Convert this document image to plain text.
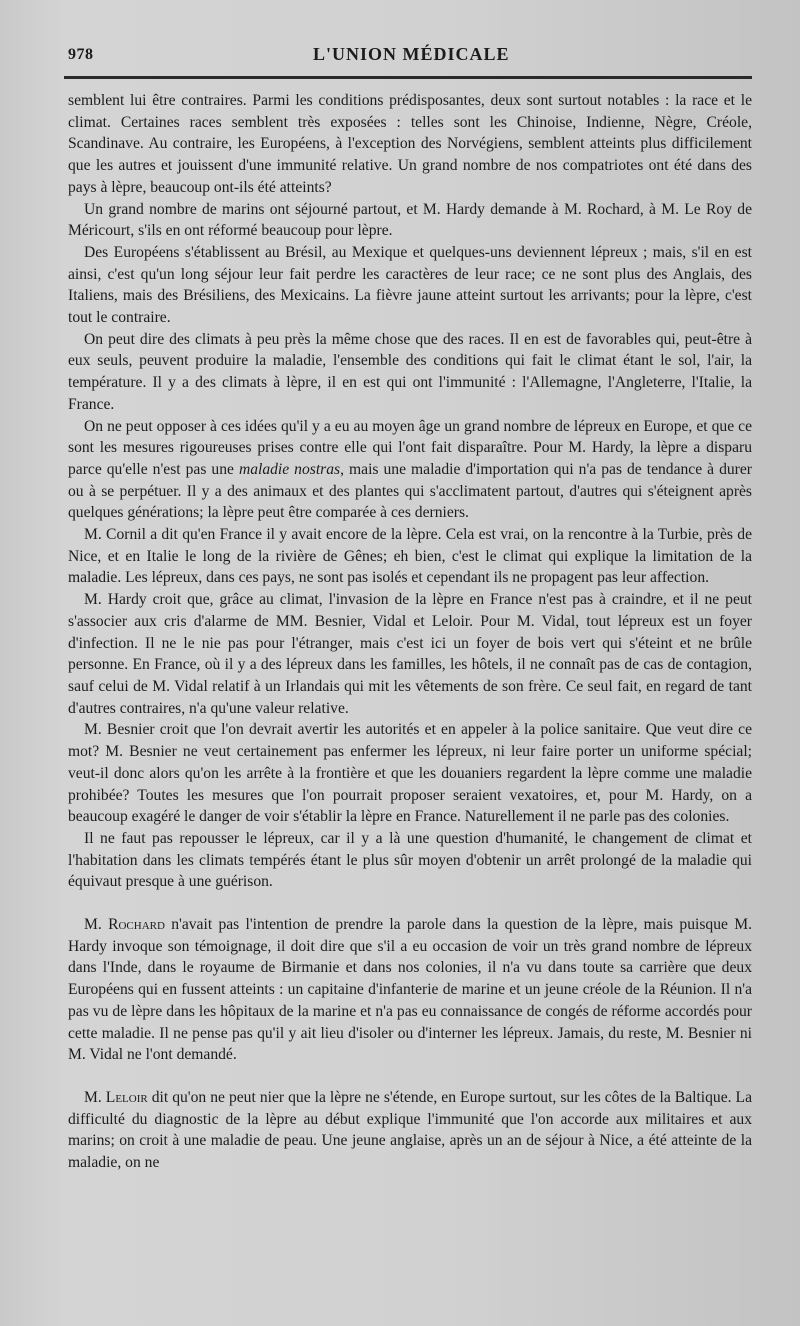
978	L'UNION MÉDICALE

semblent lui être contraires. Parmi les conditions prédisposantes, deux sont surtout notables : la race et le climat. Certaines races semblent très exposées : telles sont les Chinoise, Indienne, Nègre, Créole, Scandinave. Au contraire, les Européens, à l'exception des Norvégiens, semblent atteints plus difficilement que les autres et jouissent d'une immunité relative. Un grand nombre de nos compatriotes ont été dans des pays à lèpre, beaucoup ont-ils été atteints?

Un grand nombre de marins ont séjourné partout, et M. Hardy demande à M. Rochard, à M. Le Roy de Méricourt, s'ils en ont réformé beaucoup pour lèpre.

Des Européens s'établissent au Brésil, au Mexique et quelques-uns deviennent lépreux ; mais, s'il en est ainsi, c'est qu'un long séjour leur fait perdre les caractères de leur race; ce ne sont plus des Anglais, des Italiens, mais des Brésiliens, des Mexicains. La fièvre jaune atteint surtout les arrivants; pour la lèpre, c'est tout le contraire.

On peut dire des climats à peu près la même chose que des races. Il en est de favorables qui, peut-être à eux seuls, peuvent produire la maladie, l'ensemble des conditions qui fait le climat étant le sol, l'air, la température. Il y a des climats à lèpre, il en est qui ont l'immunité : l'Allemagne, l'Angleterre, l'Italie, la France.

On ne peut opposer à ces idées qu'il y a eu au moyen âge un grand nombre de lépreux en Europe, et que ce sont les mesures rigoureuses prises contre elle qui l'ont fait disparaître. Pour M. Hardy, la lèpre a disparu parce qu'elle n'est pas une maladie nostras, mais une maladie d'importation qui n'a pas de tendance à durer ou à se perpétuer. Il y a des animaux et des plantes qui s'acclimatent partout, d'autres qui s'éteignent après quelques générations; la lèpre peut être comparée à ces derniers.

M. Cornil a dit qu'en France il y avait encore de la lèpre. Cela est vrai, on la rencontre à la Turbie, près de Nice, et en Italie le long de la rivière de Gênes; eh bien, c'est le climat qui explique la limitation de la maladie. Les lépreux, dans ces pays, ne sont pas isolés et cependant ils ne propagent pas leur affection.

M. Hardy croit que, grâce au climat, l'invasion de la lèpre en France n'est pas à craindre, et il ne peut s'associer aux cris d'alarme de MM. Besnier, Vidal et Leloir. Pour M. Vidal, tout lépreux est un foyer d'infection. Il ne le nie pas pour l'étranger, mais c'est ici un foyer de bois vert qui s'éteint et ne brûle personne. En France, où il y a des lépreux dans les familles, les hôtels, il ne connaît pas de cas de contagion, sauf celui de M. Vidal relatif à un Irlandais qui mit les vêtements de son frère. Ce seul fait, en regard de tant d'autres contraires, n'a qu'une valeur relative.

M. Besnier croit que l'on devrait avertir les autorités et en appeler à la police sanitaire. Que veut dire ce mot? M. Besnier ne veut certainement pas enfermer les lépreux, ni leur faire porter un uniforme spécial; veut-il donc alors qu'on les arrête à la frontière et que les douaniers regardent la lèpre comme une maladie prohibée? Toutes les mesures que l'on pourrait proposer seraient vexatoires, et, pour M. Hardy, on a beaucoup exagéré le danger de voir s'établir la lèpre en France. Naturellement il ne parle pas des colonies.

Il ne faut pas repousser le lépreux, car il y a là une question d'humanité, le changement de climat et l'habitation dans les climats tempérés étant le plus sûr moyen d'obtenir un arrêt prolongé de la maladie qui équivaut presque à une guérison.

M. Rochard n'avait pas l'intention de prendre la parole dans la question de la lèpre, mais puisque M. Hardy invoque son témoignage, il doit dire que s'il a eu occasion de voir un très grand nombre de lépreux dans l'Inde, dans le royaume de Birmanie et dans nos colonies, il n'a vu dans toute sa carrière que deux Européens qui en fussent atteints : un capitaine d'infanterie de marine et un jeune créole de la Réunion. Il n'a pas vu de lèpre dans les hôpitaux de la marine et n'a pas eu connaissance de congés de réforme accordés pour cette maladie. Il ne pense pas qu'il y ait lieu d'isoler ou d'interner les lépreux. Jamais, du reste, M. Besnier ni M. Vidal ne l'ont demandé.

M. Leloir dit qu'on ne peut nier que la lèpre ne s'étende, en Europe surtout, sur les côtes de la Baltique. La difficulté du diagnostic de la lèpre au début explique l'immunité que l'on accorde aux militaires et aux marins; on croit à une maladie de peau. Une jeune anglaise, après un an de séjour à Nice, a été atteinte de la maladie, on ne
